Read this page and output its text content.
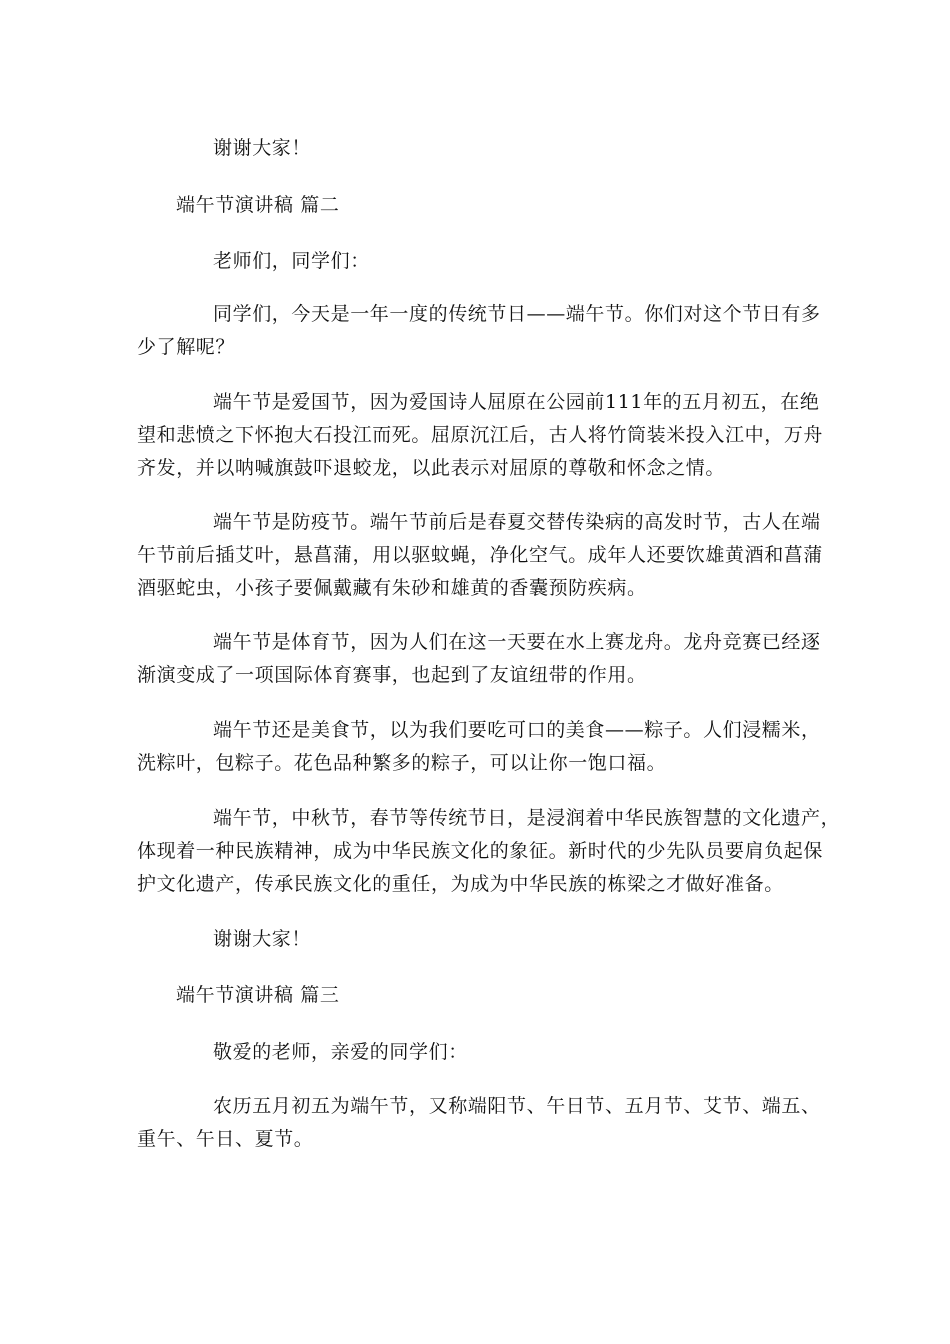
谢谢大家！
端午节演讲稿 篇二
老师们，同学们：
同学们，今天是一年一度的传统节日——端午节。你们对这个节日有多
少了解呢？
端午节是爱国节，因为爱国诗人屈原在公园前111年的五月初五，在绝
望和悲愤之下怀抱大石投江而死。屈原沉江后，古人将竹筒装米投入江中，万舟
齐发，并以呐喊旗鼓吓退蛟龙，以此表示对屈原的尊敬和怀念之情。
端午节是防疫节。端午节前后是春夏交替传染病的高发时节，古人在端
午节前后插艾叶，悬菖蒲，用以驱蚊蝇，净化空气。成年人还要饮雄黄酒和菖蒲
酒驱蛇虫，小孩子要佩戴藏有朱砂和雄黄的香囊预防疾病。
端午节是体育节，因为人们在这一天要在水上赛龙舟。龙舟竞赛已经逐
渐演变成了一项国际体育赛事，也起到了友谊纽带的作用。
端午节还是美食节，以为我们要吃可口的美食——粽子。人们浸糯米，
洗粽叶，包粽子。花色品种繁多的粽子，可以让你一饱口福。
端午节，中秋节，春节等传统节日，是浸润着中华民族智慧的文化遗产，
体现着一种民族精神，成为中华民族文化的象征。新时代的少先队员要肩负起保
护文化遗产，传承民族文化的重任，为成为中华民族的栋梁之才做好准备。
谢谢大家！
端午节演讲稿 篇三
敬爱的老师，亲爱的同学们：
农历五月初五为端午节，又称端阳节、午日节、五月节、艾节、端五、
重午、午日、夏节。
